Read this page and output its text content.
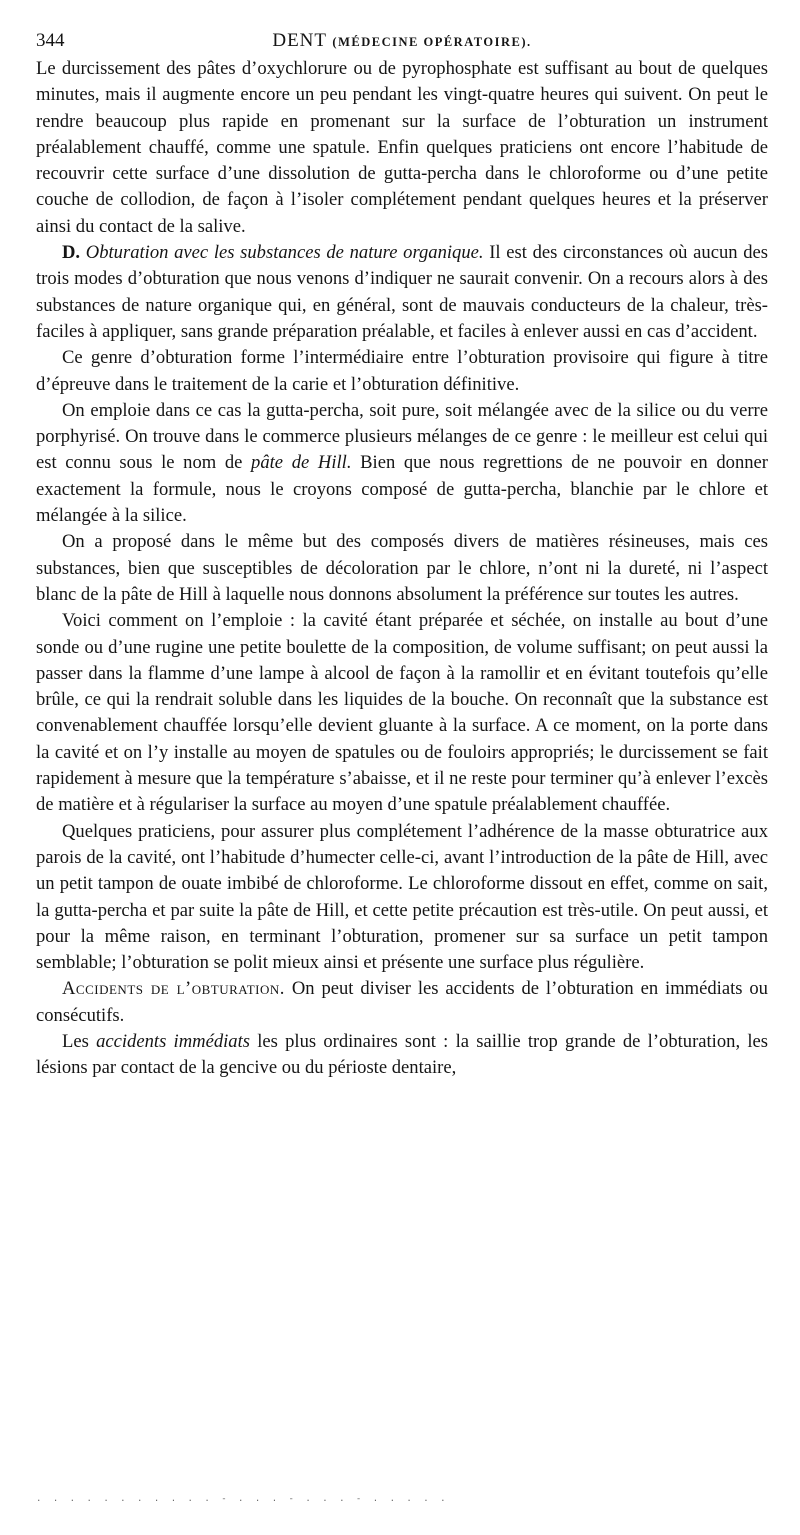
344	DENT (MÉDECINE OPÉRATOIRE).

Le durcissement des pâtes d’oxychlorure ou de pyrophosphate est suffisant au bout de quelques minutes, mais il augmente encore un peu pendant les vingt-quatre heures qui suivent. On peut le rendre beaucoup plus rapide en promenant sur la surface de l’obturation un instrument préalablement chauffé, comme une spatule. Enfin quelques praticiens ont encore l’habitude de recouvrir cette surface d’une dissolution de gutta-percha dans le chloroforme ou d’une petite couche de collodion, de façon à l’isoler complétement pendant quelques heures et la préserver ainsi du contact de la salive.

D. Obturation avec les substances de nature organique. Il est des circonstances où aucun des trois modes d’obturation que nous venons d’indiquer ne saurait convenir. On a recours alors à des substances de nature organique qui, en général, sont de mauvais conducteurs de la chaleur, très-faciles à appliquer, sans grande préparation préalable, et faciles à enlever aussi en cas d’accident.

Ce genre d’obturation forme l’intermédiaire entre l’obturation provisoire qui figure à titre d’épreuve dans le traitement de la carie et l’obturation définitive.

On emploie dans ce cas la gutta-percha, soit pure, soit mélangée avec de la silice ou du verre porphyrisé. On trouve dans le commerce plusieurs mélanges de ce genre : le meilleur est celui qui est connu sous le nom de pâte de Hill. Bien que nous regrettions de ne pouvoir en donner exactement la formule, nous le croyons composé de gutta-percha, blanchie par le chlore et mélangée à la silice.

On a proposé dans le même but des composés divers de matières résineuses, mais ces substances, bien que susceptibles de décoloration par le chlore, n’ont ni la dureté, ni l’aspect blanc de la pâte de Hill à laquelle nous donnons absolument la préférence sur toutes les autres.

Voici comment on l’emploie : la cavité étant préparée et séchée, on installe au bout d’une sonde ou d’une rugine une petite boulette de la composition, de volume suffisant; on peut aussi la passer dans la flamme d’une lampe à alcool de façon à la ramollir et en évitant toutefois qu’elle brûle, ce qui la rendrait soluble dans les liquides de la bouche. On reconnaît que la substance est convenablement chauffée lorsqu’elle devient gluante à la surface. A ce moment, on la porte dans la cavité et on l’y installe au moyen de spatules ou de fouloirs appropriés; le durcissement se fait rapidement à mesure que la température s’abaisse, et il ne reste pour terminer qu’à enlever l’excès de matière et à régulariser la surface au moyen d’une spatule préalablement chauffée.

Quelques praticiens, pour assurer plus complétement l’adhérence de la masse obturatrice aux parois de la cavité, ont l’habitude d’humecter celle-ci, avant l’introduction de la pâte de Hill, avec un petit tampon de ouate imbibé de chloroforme. Le chloroforme dissout en effet, comme on sait, la gutta-percha et par suite la pâte de Hill, et cette petite précaution est très-utile. On peut aussi, et pour la même raison, en terminant l’obturation, promener sur sa surface un petit tampon semblable; l’obturation se polit mieux ainsi et présente une surface plus régulière.

Accidents de l’obturation. On peut diviser les accidents de l’obturation en immédiats ou consécutifs.

Les accidents immédiats les plus ordinaires sont : la saillie trop grande de l’obturation, les lésions par contact de la gencive ou du périoste dentaire,

. . . . . . . . . . . - . . . - . . . - . . . . .
